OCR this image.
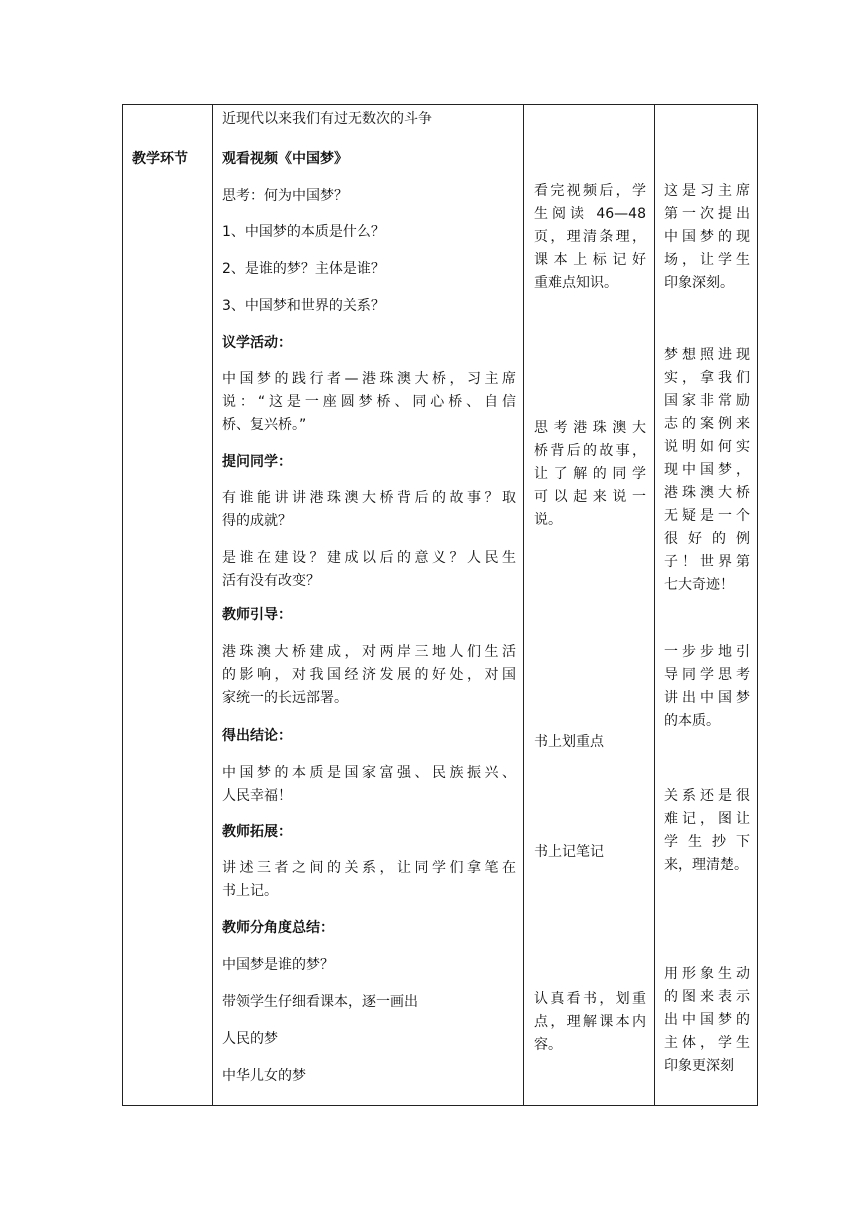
教学环节
近现代以来我们有过无数次的斗争
观看视频《中国梦》
思考：何为中国梦？
1、中国梦的本质是什么？
2、是谁的梦？主体是谁？
3、中国梦和世界的关系？
议学活动：
中国梦的践行者—港珠澳大桥，习主席
说：“这是一座圆梦桥、同心桥、自信
桥、复兴桥。”
提问同学：
有谁能讲讲港珠澳大桥背后的故事？取
得的成就？
是谁在建设？建成以后的意义？人民生
活有没有改变？
教师引导：
港珠澳大桥建成，对两岸三地人们生活
的影响，对我国经济发展的好处，对国
家统一的长远部署。
得出结论：
中国梦的本质是国家富强、民族振兴、
人民幸福！
教师拓展：
讲述三者之间的关系，让同学们拿笔在
书上记。
教师分角度总结：
中国梦是谁的梦？
带领学生仔细看课本，逐一画出
人民的梦
中华儿女的梦
看完视频后，学
生阅读 46—48
页，理清条理，
课本上标记好
重难点知识。
思考港珠澳大
桥背后的故事，
让了解的同学
可以起来说一
说。
书上划重点
书上记笔记
认真看书，划重
点，理解课本内
容。
这是习主席
第一次提出
中国梦的现
场，让学生
印象深刻。
梦想照进现
实，拿我们
国家非常励
志的案例来
说明如何实
现中国梦，
港珠澳大桥
无疑是一个
很好的例
子！世界第
七大奇迹！
一步步地引
导同学思考
讲出中国梦
的本质。
关系还是很
难记，图让
学生抄下
来，理清楚。
用形象生动
的图来表示
出中国梦的
主体，学生
印象更深刻
